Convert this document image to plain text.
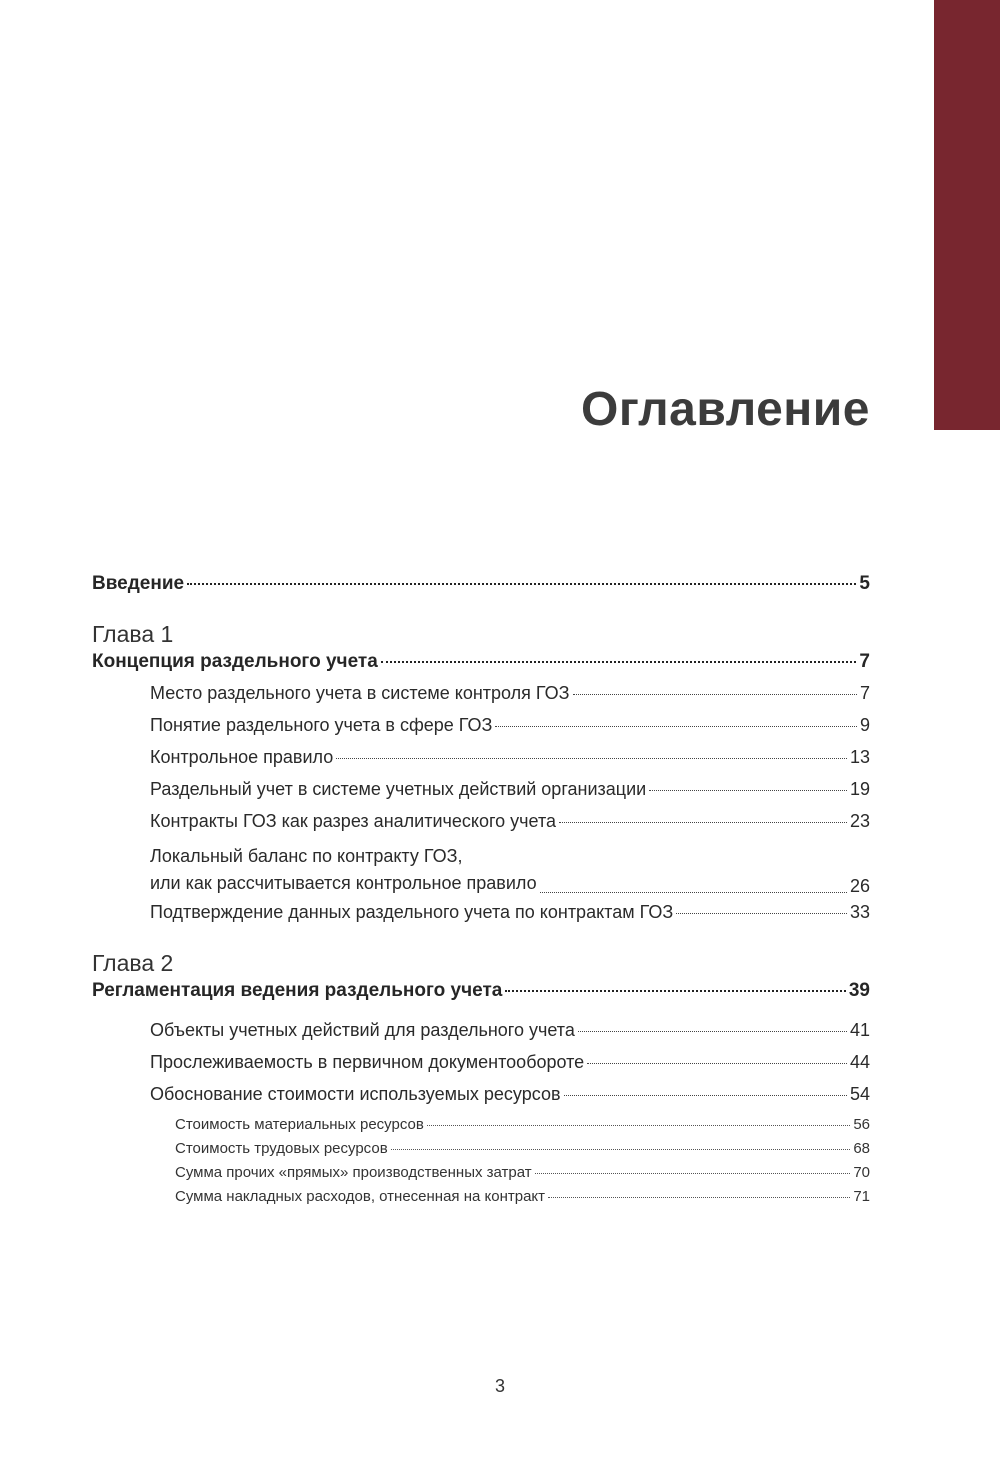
Оглавление
Введение	5
Глава 1
Концепция раздельного учета	7
Место раздельного учета в системе контроля ГОЗ	7
Понятие раздельного учета в сфере ГОЗ	9
Контрольное правило	13
Раздельный учет в системе учетных действий организации	19
Контракты ГОЗ как разрез аналитического учета	23
Локальный баланс по контракту ГОЗ,
или как рассчитывается контрольное правило	26
Подтверждение данных раздельного учета по контрактам ГОЗ	33
Глава 2
Регламентация ведения раздельного учета	39
Объекты учетных действий для раздельного учета	41
Прослеживаемость в первичном документообороте	44
Обоснование стоимости используемых ресурсов	54
Стоимость материальных ресурсов	56
Стоимость трудовых ресурсов	68
Сумма прочих «прямых» производственных затрат	70
Сумма накладных расходов, отнесенная на контракт	71
3
